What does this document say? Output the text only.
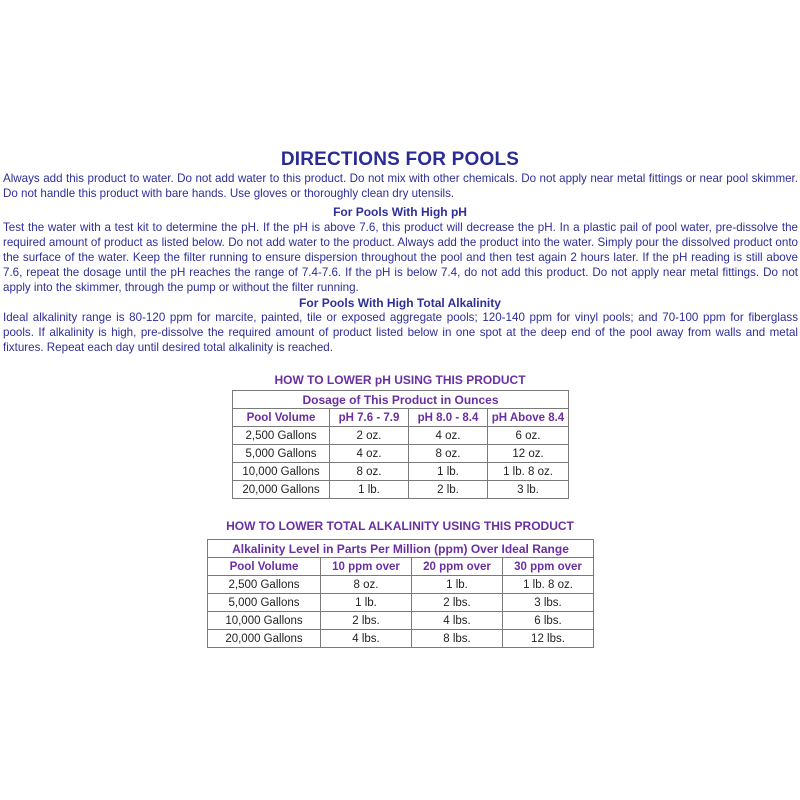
DIRECTIONS FOR POOLS

Always add this product to water. Do not add water to this product. Do not mix with other chemicals. Do not apply near metal fittings or near pool skimmer. Do not handle this product with bare hands. Use gloves or thoroughly clean dry utensils.

For Pools With High pH

Test the water with a test kit to determine the pH. If the pH is above 7.6, this product will decrease the pH. In a plastic pail of pool water, pre-dissolve the required amount of product as listed below. Do not add water to the product. Always add the product into the water. Simply pour the dissolved product onto the surface of the water. Keep the filter running to ensure dispersion throughout the pool and then test again 2 hours later. If the pH reading is still above 7.6, repeat the dosage until the pH reaches the range of 7.4-7.6. If the pH is below 7.4, do not add this product. Do not apply near metal fittings. Do not apply into the skimmer, through the pump or without the filter running.

For Pools With High Total Alkalinity

Ideal alkalinity range is 80-120 ppm for marcite, painted, tile or exposed aggregate pools; 120-140 ppm for vinyl pools; and 70-100 ppm for fiberglass pools. If alkalinity is high, pre-dissolve the required amount of product listed below in one spot at the deep end of the pool away from walls and metal fixtures. Repeat each day until desired total alkalinity is reached.

HOW TO LOWER pH USING THIS PRODUCT
Dosage of This Product in Ounces			
Pool Volume	pH 7.6 - 7.9	pH 8.0 - 8.4	pH Above 8.4
2,500 Gallons	2 oz.	4 oz.	6 oz.
5,000 Gallons	4 oz.	8 oz.	12 oz.
10,000 Gallons	8 oz.	1 lb.	1 lb. 8 oz.
20,000 Gallons	1 lb.	2 lb.	3 lb.
HOW TO LOWER TOTAL ALKALINITY USING THIS PRODUCT
Alkalinity Level in Parts Per Million (ppm) Over Ideal Range			
Pool Volume	10 ppm over	20 ppm over	30 ppm over
2,500 Gallons	8 oz.	1 lb.	1 lb. 8 oz.
5,000 Gallons	1 lb.	2 lbs.	3 lbs.
10,000 Gallons	2 lbs.	4 lbs.	6 lbs.
20,000 Gallons	4 lbs.	8 lbs.	12 lbs.
